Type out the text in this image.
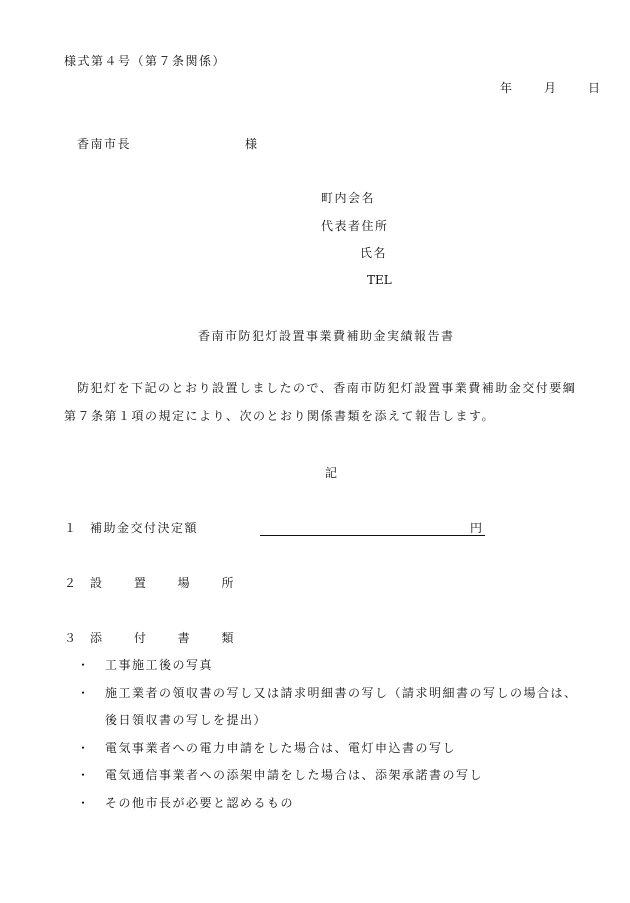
様式第４号（第７条関係）
年	月	日
香南市長	様
町内会名
代表者住所
氏名
TEL
香南市防犯灯設置事業費補助金実績報告書
防犯灯を下記のとおり設置しましたので、香南市防犯灯設置事業費補助金交付要綱
第７条第１項の規定により、次のとおり関係書類を添えて報告します。
記
１ 補助金交付決定額	円
２ 設 置 場 所
３ 添 付 書 類
・ 工事施工後の写真
・ 施工業者の領収書の写し又は請求明細書の写し（請求明細書の写しの場合は、
後日領収書の写しを提出）
・ 電気事業者への電力申請をした場合は、電灯申込書の写し
・ 電気通信事業者への添架申請をした場合は、添架承諾書の写し
・ その他市長が必要と認めるもの
